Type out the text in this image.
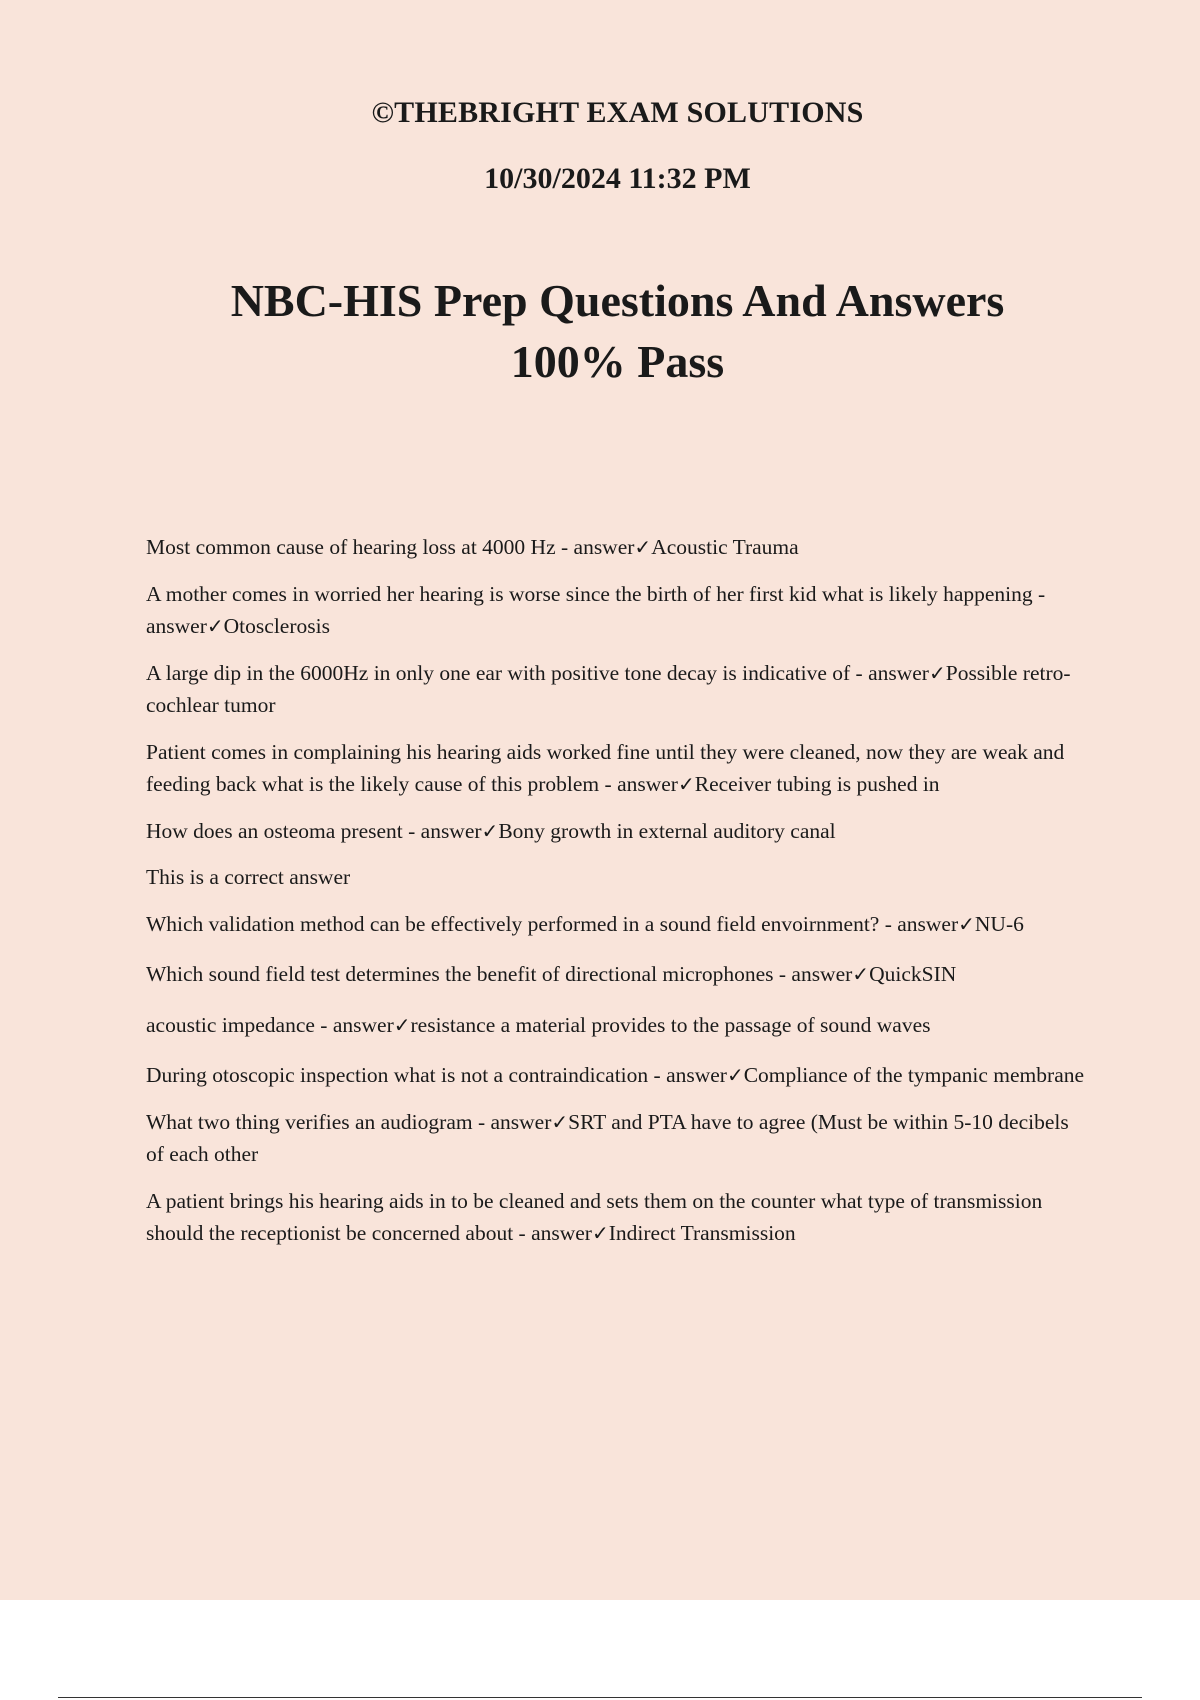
©THEBRIGHT EXAM SOLUTIONS
10/30/2024 11:32 PM
NBC-HIS Prep Questions And Answers
100% Pass
Most common cause of hearing loss at 4000 Hz - answer✓Acoustic Trauma
A mother comes in worried her hearing is worse since the birth of her first kid what is likely happening - answer✓Otosclerosis
A large dip in the 6000Hz in only one ear with positive tone decay is indicative of - answer✓Possible retro-cochlear tumor
Patient comes in complaining his hearing aids worked fine until they were cleaned, now they are weak and feeding back what is the likely cause of this problem - answer✓Receiver tubing is pushed in
How does an osteoma present - answer✓Bony growth in external auditory canal
This is a correct answer
Which validation method can be effectively performed in a sound field envoirnment? - answer✓NU-6
Which sound field test determines the benefit of directional microphones - answer✓QuickSIN
acoustic impedance - answer✓resistance a material provides to the passage of sound waves
During otoscopic inspection what is not a contraindication - answer✓Compliance of the tympanic membrane
What two thing verifies an audiogram - answer✓SRT and PTA have to agree (Must be within 5-10 decibels of each other
A patient brings his hearing aids in to be cleaned and sets them on the counter what type of transmission should the receptionist be concerned about - answer✓Indirect Transmission
